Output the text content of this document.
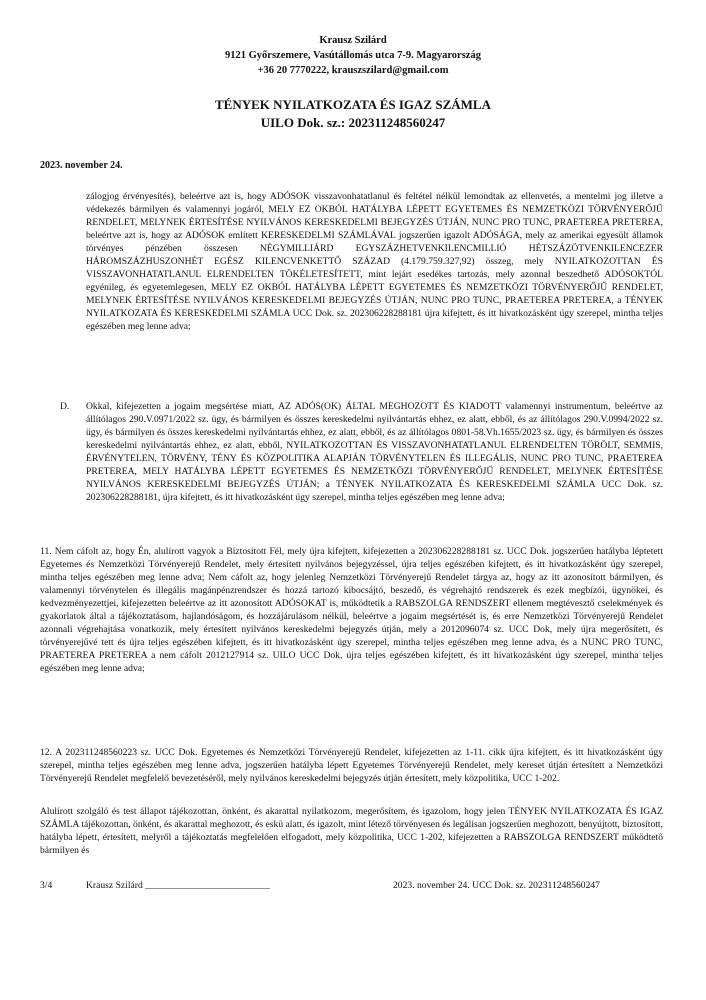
Krausz Szilárd
9121 Győrszemere, Vasútállomás utca 7-9. Magyarország
+36 20 7770222, krauszszilard@gmail.com
TÉNYEK NYILATKOZATA ÉS IGAZ SZÁMLA
UILO Dok. sz.: 202311248560247
2023. november 24.

zálogjog érvényesítés), beleértve azt is, hogy ADÓSOK visszavonhatatlanul és feltétel nélkül lemondtak az ellenvetés, a mentelmi jog illetve a védekezés bármilyen és valamennyi jogáról, MELY EZ OKBÓL HATÁLYBA LÉPETT EGYETEMES ÉS NEMZETKÖZI TÖRVÉNYERŐJŰ RENDELET, MELYNEK ÉRTESÍTÉSE NYILVÁNOS KERESKEDELMI BEJEGYZÉS ÚTJÁN, NUNC PRO TUNC, PRAETEREA PRETEREA, beleértve azt is, hogy az ADÓSOK említett KERESKEDELMI SZÁMLÁVAL jogszerűen igazolt ADÓSÁGA, mely az amerikai egyesült államok törvényes pénzében összesen NÉGYMILLIÁRD EGYSZÁZHETVENKILENCMILLIÓ HÉTSZÁZÖTVENKILENCEZER HÁROMSZÁZHUSZONHÉT EGÉSZ KILENCVENKETTŐ SZÁZAD (4.179.759.327,92) összeg, mely NYILATKOZOTTAN ÉS VISSZAVONHATATLANUL ELRENDELTEN TÖKÉLETESÍTETT, mint lejárt esedékes tartozás, mely azonnal beszedhető ADÓSOKTÓL egyénileg, és egyetemlegesen, MELY EZ OKBÓL HATÁLYBA LÉPETT EGYETEMES ÉS NEMZETKÖZI TÖRVÉNYERŐJŰ RENDELET, MELYNEK ÉRTESÍTÉSE NYILVÁNOS KERESKEDELMI BEJEGYZÉS ÚTJÁN, NUNC PRO TUNC, PRAETEREA PRETEREA, a TÉNYEK NYILATKOZATA ÉS KERESKEDELMI SZÁMLA UCC Dok. sz. 202306228288181 újra kifejtett, és itt hivatkozásként úgy szerepel, mintha teljes egészében meg lenne adva;

D. Okkal, kifejezetten a jogaim megsértése miatt, AZ ADÓS(OK) ÁLTAL MEGHOZOTT ÉS KIADOTT valamennyi instrumentum, beleértve az állítólagos 290.V.0971/2022 sz. ügy, és bármilyen és összes kereskedelmi nyilvántartás ehhez, ez alatt, ebből, és az állítólagos 290.V.0994/2022 sz. ügy, és bármilyen és összes kereskedelmi nyilvántartás ehhez, ez alatt, ebből, és az állítólagos 0801-58.Vh.1655/2023 sz. ügy, és bármilyen és összes kereskedelmi nyilvántartás ehhez, ez alatt, ebből, NYILATKOZOTTAN ÉS VISSZAVONHATATLANUL ELRENDELTEN TÖRÖLT, SEMMIS, ÉRVÉNYTELEN, TÖRVÉNY, TÉNY ÉS KÖZPOLITIKA ALAPJÁN TÖRVÉNYTELEN ÉS ILLEGÁLIS, NUNC PRO TUNC, PRAETEREA PRETEREA, MELY HATÁLYBA LÉPETT EGYETEMES ÉS NEMZETKÖZI TÖRVÉNYERŐJŰ RENDELET, MELYNEK ÉRTESÍTÉSE NYILVÁNOS KERESKEDELMI BEJEGYZÉS ÚTJÁN; a TÉNYEK NYILATKOZATA ÉS KERESKEDELMI SZÁMLA UCC Dok. sz. 202306228288181, újra kifejtett, és itt hivatkozásként úgy szerepel, mintha teljes egészében meg lenne adva;

11. Nem cáfolt az, hogy Én, alulírott vagyok a Biztosított Fél, mely újra kifejtett, kifejezetten a 202306228288181 sz. UCC Dok. jogszerűen hatályba léptetett Egyetemes és Nemzetközi Törvényerejű Rendelet, mely értesített nyilvános bejegyzéssel, újra teljes egészében kifejtett, és itt hivatkozásként úgy szerepel, mintha teljes egészében meg lenne adva; Nem cáfolt az, hogy jelenleg Nemzetközi Törvényerejű Rendelet tárgya az, hogy az itt azonosított bármilyen, és valamennyi törvénytelen és illegális magánpénzrendszer és hozzá tartozó kibocsájtó, beszedő, és végrehajtó rendszerek és ezek megbízói, ügynökei, és kedvezményezettjei, kifejezetten beleértve az itt azonosított ADÓSOKAT is, működtetik a RABSZOLGA RENDSZERT ellenem megtévesztő cselekmények és gyakorlatok által a tájékoztatásom, hajlandóságom, és hozzájárulásom nélkül, beleértve a jogaim megsértését is, és erre Nemzetközi Törvényerejű Rendelet azonnali végrehajtása vonatkozik, mely értesített nyilvános kereskedelmi bejegyzés útján, mely a 2012096074 sz. UCC Dok, mely újra megerősített, és törvényerejűvé tett és újra teljes egészében kifejtett, és itt hivatkozásként úgy szerepel, mintha teljes egészében meg lenne adva, és a NUNC PRO TUNC, PRAETEREA PRETEREA a nem cáfolt 2012127914 sz. UILO UCC Dok, újra teljes egészében kifejtett, és itt hivatkozásként úgy szerepel, mintha teljes egészében meg lenne adva;

12. A 202311248560223 sz. UCC Dok. Egyetemes és Nemzetközi Törvényerejű Rendelet, kifejezetten az 1-11. cikk újra kifejtett, és itt hivatkozásként úgy szerepel, mintha teljes egészében meg lenne adva, jogszerűen hatályba lépett Egyetemes Törvényerejű Rendelet, mely kereset útján értesített a Nemzetközi Törvényerejű Rendelet megfelelő bevezetéséről, mely nyilvános kereskedelmi bejegyzés útján értesített, mely közpolitika, UCC 1-202.

Alulírott szolgáló és test állapot tájékozottan, önként, és akarattal nyilatkozom, megerősítem, és igazolom, hogy jelen TÉNYEK NYILATKOZATA ÉS IGAZ SZÁMLA tájékozottan, önként, és akarattal meghozott, és eskü alatt, és igazolt, mint létező törvényesen és legálisan jogszerűen meghozott, benyújtott, biztosított, hatályba lépett, értesített, melyről a tájékoztatás megfelelően elfogadott, mely közpolitika, UCC 1-202, kifejezetten a RABSZOLGA RENDSZERT működtető bármilyen és

3/4	Krausz Szilárd __________________________	2023. november 24. UCC Dok. sz. 202311248560247
